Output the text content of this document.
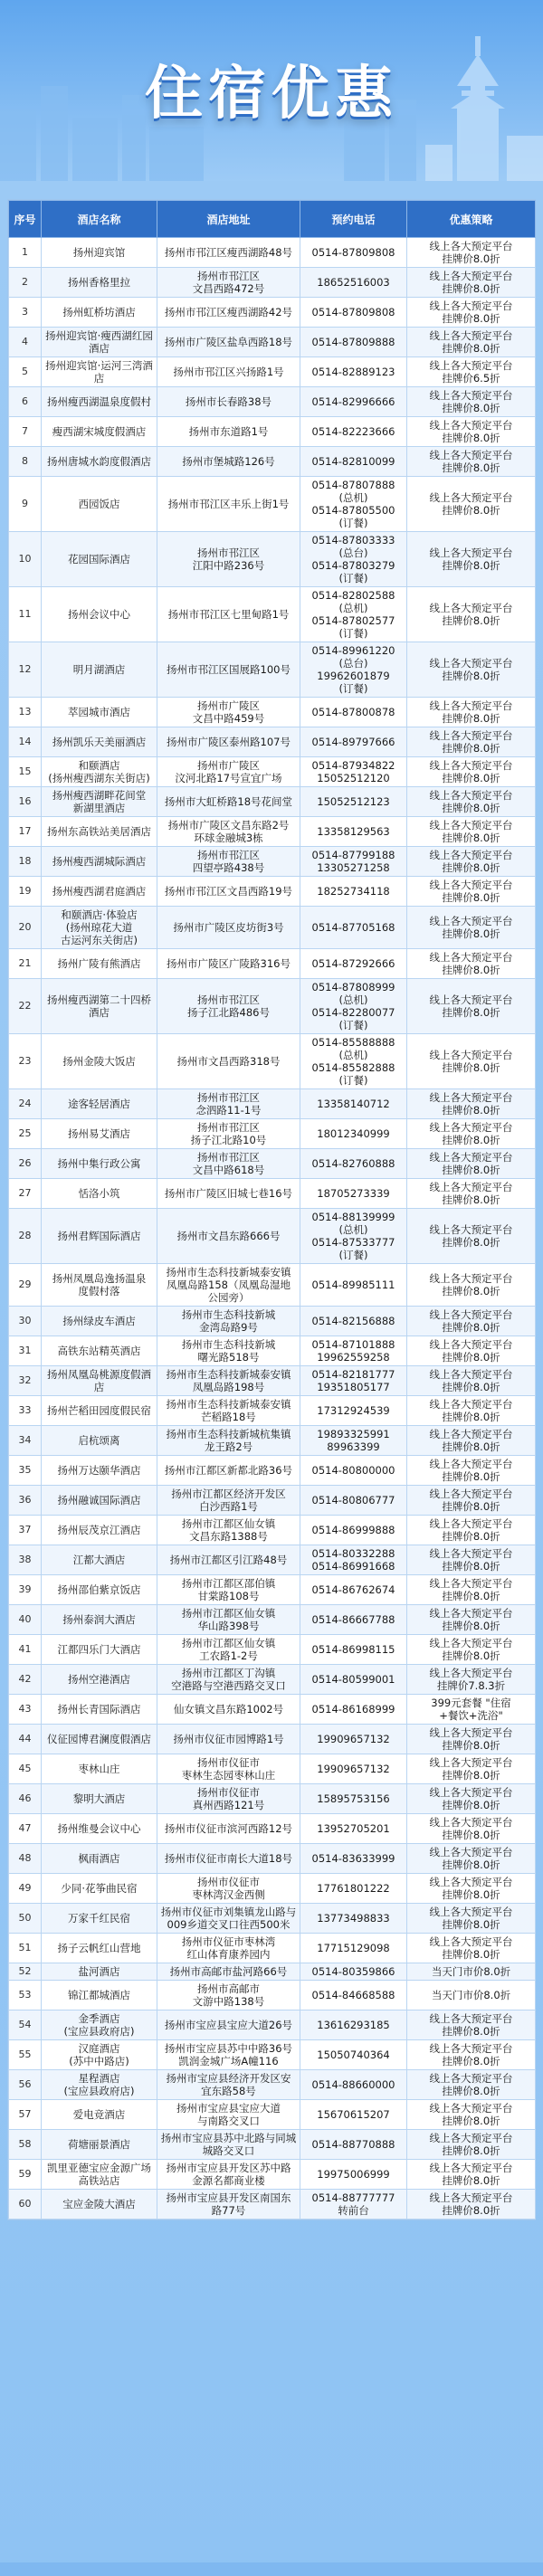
住宿优惠
序号	酒店名称	酒店地址	预约电话	优惠策略
1	扬州迎宾馆	扬州市邗江区瘦西湖路48号	0514-87809808	线上各大预定平台
挂牌价8.0折
2	扬州香格里拉	扬州市邗江区
文昌西路472号	18652516003	线上各大预定平台
挂牌价8.0折
3	扬州虹桥坊酒店	扬州市邗江区瘦西湖路42号	0514-87809808	线上各大预定平台
挂牌价8.0折
4	扬州迎宾馆·瘦西湖红园
酒店	扬州市广陵区盐阜西路18号	0514-87809888	线上各大预定平台
挂牌价8.0折
5	扬州迎宾馆·运河三湾酒店	扬州市邗江区兴扬路1号	0514-82889123	线上各大预定平台
挂牌价6.5折
6	扬州瘦西湖温泉度假村	扬州市长春路38号	0514-82996666	线上各大预定平台
挂牌价8.0折
7	瘦西湖宋城度假酒店	扬州市东道路1号	0514-82223666	线上各大预定平台
挂牌价8.0折
8	扬州唐城水韵度假酒店	扬州市堡城路126号	0514-82810099	线上各大预定平台
挂牌价8.0折
9	西园饭店	扬州市邗江区丰乐上街1号	0514-87807888
(总机)
0514-87805500
(订餐)	线上各大预定平台
挂牌价8.0折
10	花园国际酒店	扬州市邗江区
江阳中路236号	0514-87803333
(总台)
0514-87803279
(订餐)	线上各大预定平台
挂牌价8.0折
11	扬州会议中心	扬州市邗江区七里甸路1号	0514-82802588
(总机)
0514-87802577
(订餐)	线上各大预定平台
挂牌价8.0折
12	明月湖酒店	扬州市邗江区国展路100号	0514-89961220
(总台)
19962601879
(订餐)	线上各大预定平台
挂牌价8.0折
13	萃园城市酒店	扬州市广陵区
文昌中路459号	0514-87800878	线上各大预定平台
挂牌价8.0折
14	扬州凯乐天美丽酒店	扬州市广陵区泰州路107号	0514-89797666	线上各大预定平台
挂牌价8.0折
15	和颐酒店
(扬州瘦西湖东关街店)	扬州市广陵区
汶河北路17号宣宜广场	0514-87934822
15052512120	线上各大预定平台
挂牌价8.0折
16	扬州瘦西湖畔花间堂
新湖里酒店	扬州市大虹桥路18号花间堂	15052512123	线上各大预定平台
挂牌价8.0折
17	扬州东高铁站美居酒店	扬州市广陵区文昌东路2号
环球金融城3栋	13358129563	线上各大预定平台
挂牌价8.0折
18	扬州瘦西湖城际酒店	扬州市邗江区
四望亭路438号	0514-87799188
13305271258	线上各大预定平台
挂牌价8.0折
19	扬州瘦西湖君庭酒店	扬州市邗江区文昌西路19号	18252734118	线上各大预定平台
挂牌价8.0折
20	和颐酒店·体验店
(扬州琼花大道
古运河东关街店)	扬州市广陵区皮坊街3号	0514-87705168	线上各大预定平台
挂牌价8.0折
21	扬州广陵有熊酒店	扬州市广陵区广陵路316号	0514-87292666	线上各大预定平台
挂牌价8.0折
22	扬州瘦西湖第二十四桥酒店	扬州市邗江区
扬子江北路486号	0514-87808999
(总机)
0514-82280077
(订餐)	线上各大预定平台
挂牌价8.0折
23	扬州金陵大饭店	扬州市文昌西路318号	0514-85588888
(总机)
0514-85582888
(订餐)	线上各大预定平台
挂牌价8.0折
24	途客轻居酒店	扬州市邗江区
念泗路11-1号	13358140712	线上各大预定平台
挂牌价8.0折
25	扬州易艾酒店	扬州市邗江区
扬子江北路10号	18012340999	线上各大预定平台
挂牌价8.0折
26	扬州中集行政公寓	扬州市邗江区
文昌中路618号	0514-82760888	线上各大预定平台
挂牌价8.0折
27	恬洛小筑	扬州市广陵区旧城七巷16号	18705273339	线上各大预定平台
挂牌价8.0折
28	扬州君辉国际酒店	扬州市文昌东路666号	0514-88139999
(总机)
0514-87533777
(订餐)	线上各大预定平台
挂牌价8.0折
29	扬州凤凰岛逸扬温泉
度假村落	扬州市生态科技新城泰安镇
凤凰岛路158（凤凰岛湿地
公园旁）	0514-89985111	线上各大预定平台
挂牌价8.0折
30	扬州绿皮车酒店	扬州市生态科技新城
金湾岛路9号	0514-82156888	线上各大预定平台
挂牌价8.0折
31	高铁东站精英酒店	扬州市生态科技新城
曙光路518号	0514-87101888
19962559258	线上各大预定平台
挂牌价8.0折
32	扬州凤凰岛桃源度假酒店	扬州市生态科技新城泰安镇
凤凰岛路198号	0514-82181777
19351805177	线上各大预定平台
挂牌价8.0折
33	扬州芒稻田园度假民宿	扬州市生态科技新城泰安镇
芒稻路18号	17312924539	线上各大预定平台
挂牌价8.0折
34	启杭颂离	扬州市生态科技新城杭集镇
龙王路2号	19893325991
89963399	线上各大预定平台
挂牌价8.0折
35	扬州万达颐华酒店	扬州市江都区新都北路36号	0514-80800000	线上各大预定平台
挂牌价8.0折
36	扬州融诚国际酒店	扬州市江都区经济开发区
白沙西路1号	0514-80806777	线上各大预定平台
挂牌价8.0折
37	扬州辰茂京江酒店	扬州市江都区仙女镇
文昌东路1388号	0514-86999888	线上各大预定平台
挂牌价8.0折
38	江都大酒店	扬州市江都区引江路48号	0514-80332288
0514-86991668	线上各大预定平台
挂牌价8.0折
39	扬州邵伯紫京饭店	扬州市江都区邵伯镇
甘棠路108号	0514-86762674	线上各大预定平台
挂牌价8.0折
40	扬州泰润大酒店	扬州市江都区仙女镇
华山路398号	0514-86667788	线上各大预定平台
挂牌价8.0折
41	江都四乐门大酒店	扬州市江都区仙女镇
工农路1-2号	0514-86998115	线上各大预定平台
挂牌价8.0折
42	扬州空港酒店	扬州市江都区丁沟镇
空港路与空港西路交叉口	0514-80599001	线上各大预定平台
挂牌价7.8.3折
43	扬州长青国际酒店	仙女镇文昌东路1002号	0514-86168999	399元套餐 "住宿
+餐饮+洗浴"
44	仪征园博君澜度假酒店	扬州市仪征市园博路1号	19909657132	线上各大预定平台
挂牌价8.0折
45	枣林山庄	扬州市仪征市
枣林生态园枣林山庄	19909657132	线上各大预定平台
挂牌价8.0折
46	黎明大酒店	扬州市仪征市
真州西路121号	15895753156	线上各大预定平台
挂牌价8.0折
47	扬州维曼会议中心	扬州市仪征市滨河西路12号	13952705201	线上各大预定平台
挂牌价8.0折
48	枫雨酒店	扬州市仪征市南长大道18号	0514-83633999	线上各大预定平台
挂牌价8.0折
49	少同·花筝曲民宿	扬州市仪征市
枣林湾汉金西侧	17761801222	线上各大预定平台
挂牌价8.0折
50	万家千红民宿	扬州市仪征市刘集镇龙山路与
009乡道交叉口往西500米	13773498833	线上各大预定平台
挂牌价8.0折
51	扬子云帆红山营地	扬州市仪征市枣林湾
红山体育康养园内	17715129098	线上各大预定平台
挂牌价8.0折
52	盐河酒店	扬州市高邮市盐河路66号	0514-80359866	当天门市价8.0折
53	锦江都城酒店	扬州市高邮市
文游中路138号	0514-84668588	当天门市价8.0折
54	金季酒店
(宝应县政府店)	扬州市宝应县宝应大道26号	13616293185	线上各大预定平台
挂牌价8.0折
55	汉庭酒店
(苏中中路店)	扬州市宝应县苏中中路36号
凯润金城广场A幢116	15050740364	线上各大预定平台
挂牌价8.0折
56	星程酒店
(宝应县政府店)	扬州市宝应县经济开发区安
宜东路58号	0514-88660000	线上各大预定平台
挂牌价8.0折
57	爱电竞酒店	扬州市宝应县宝应大道
与南路交叉口	15670615207	线上各大预定平台
挂牌价8.0折
58	荷塘丽景酒店	扬州市宝应县苏中北路与同城
城路交叉口	0514-88770888	线上各大预定平台
挂牌价8.0折
59	凯里亚德宝应金源广场
高铁站店	扬州市宝应县开发区苏中路
金源名都商业楼	19975006999	线上各大预定平台
挂牌价8.0折
60	宝应金陵大酒店	扬州市宝应县开发区南国东
路77号	0514-88777777
转前台	线上各大预定平台
挂牌价8.0折
